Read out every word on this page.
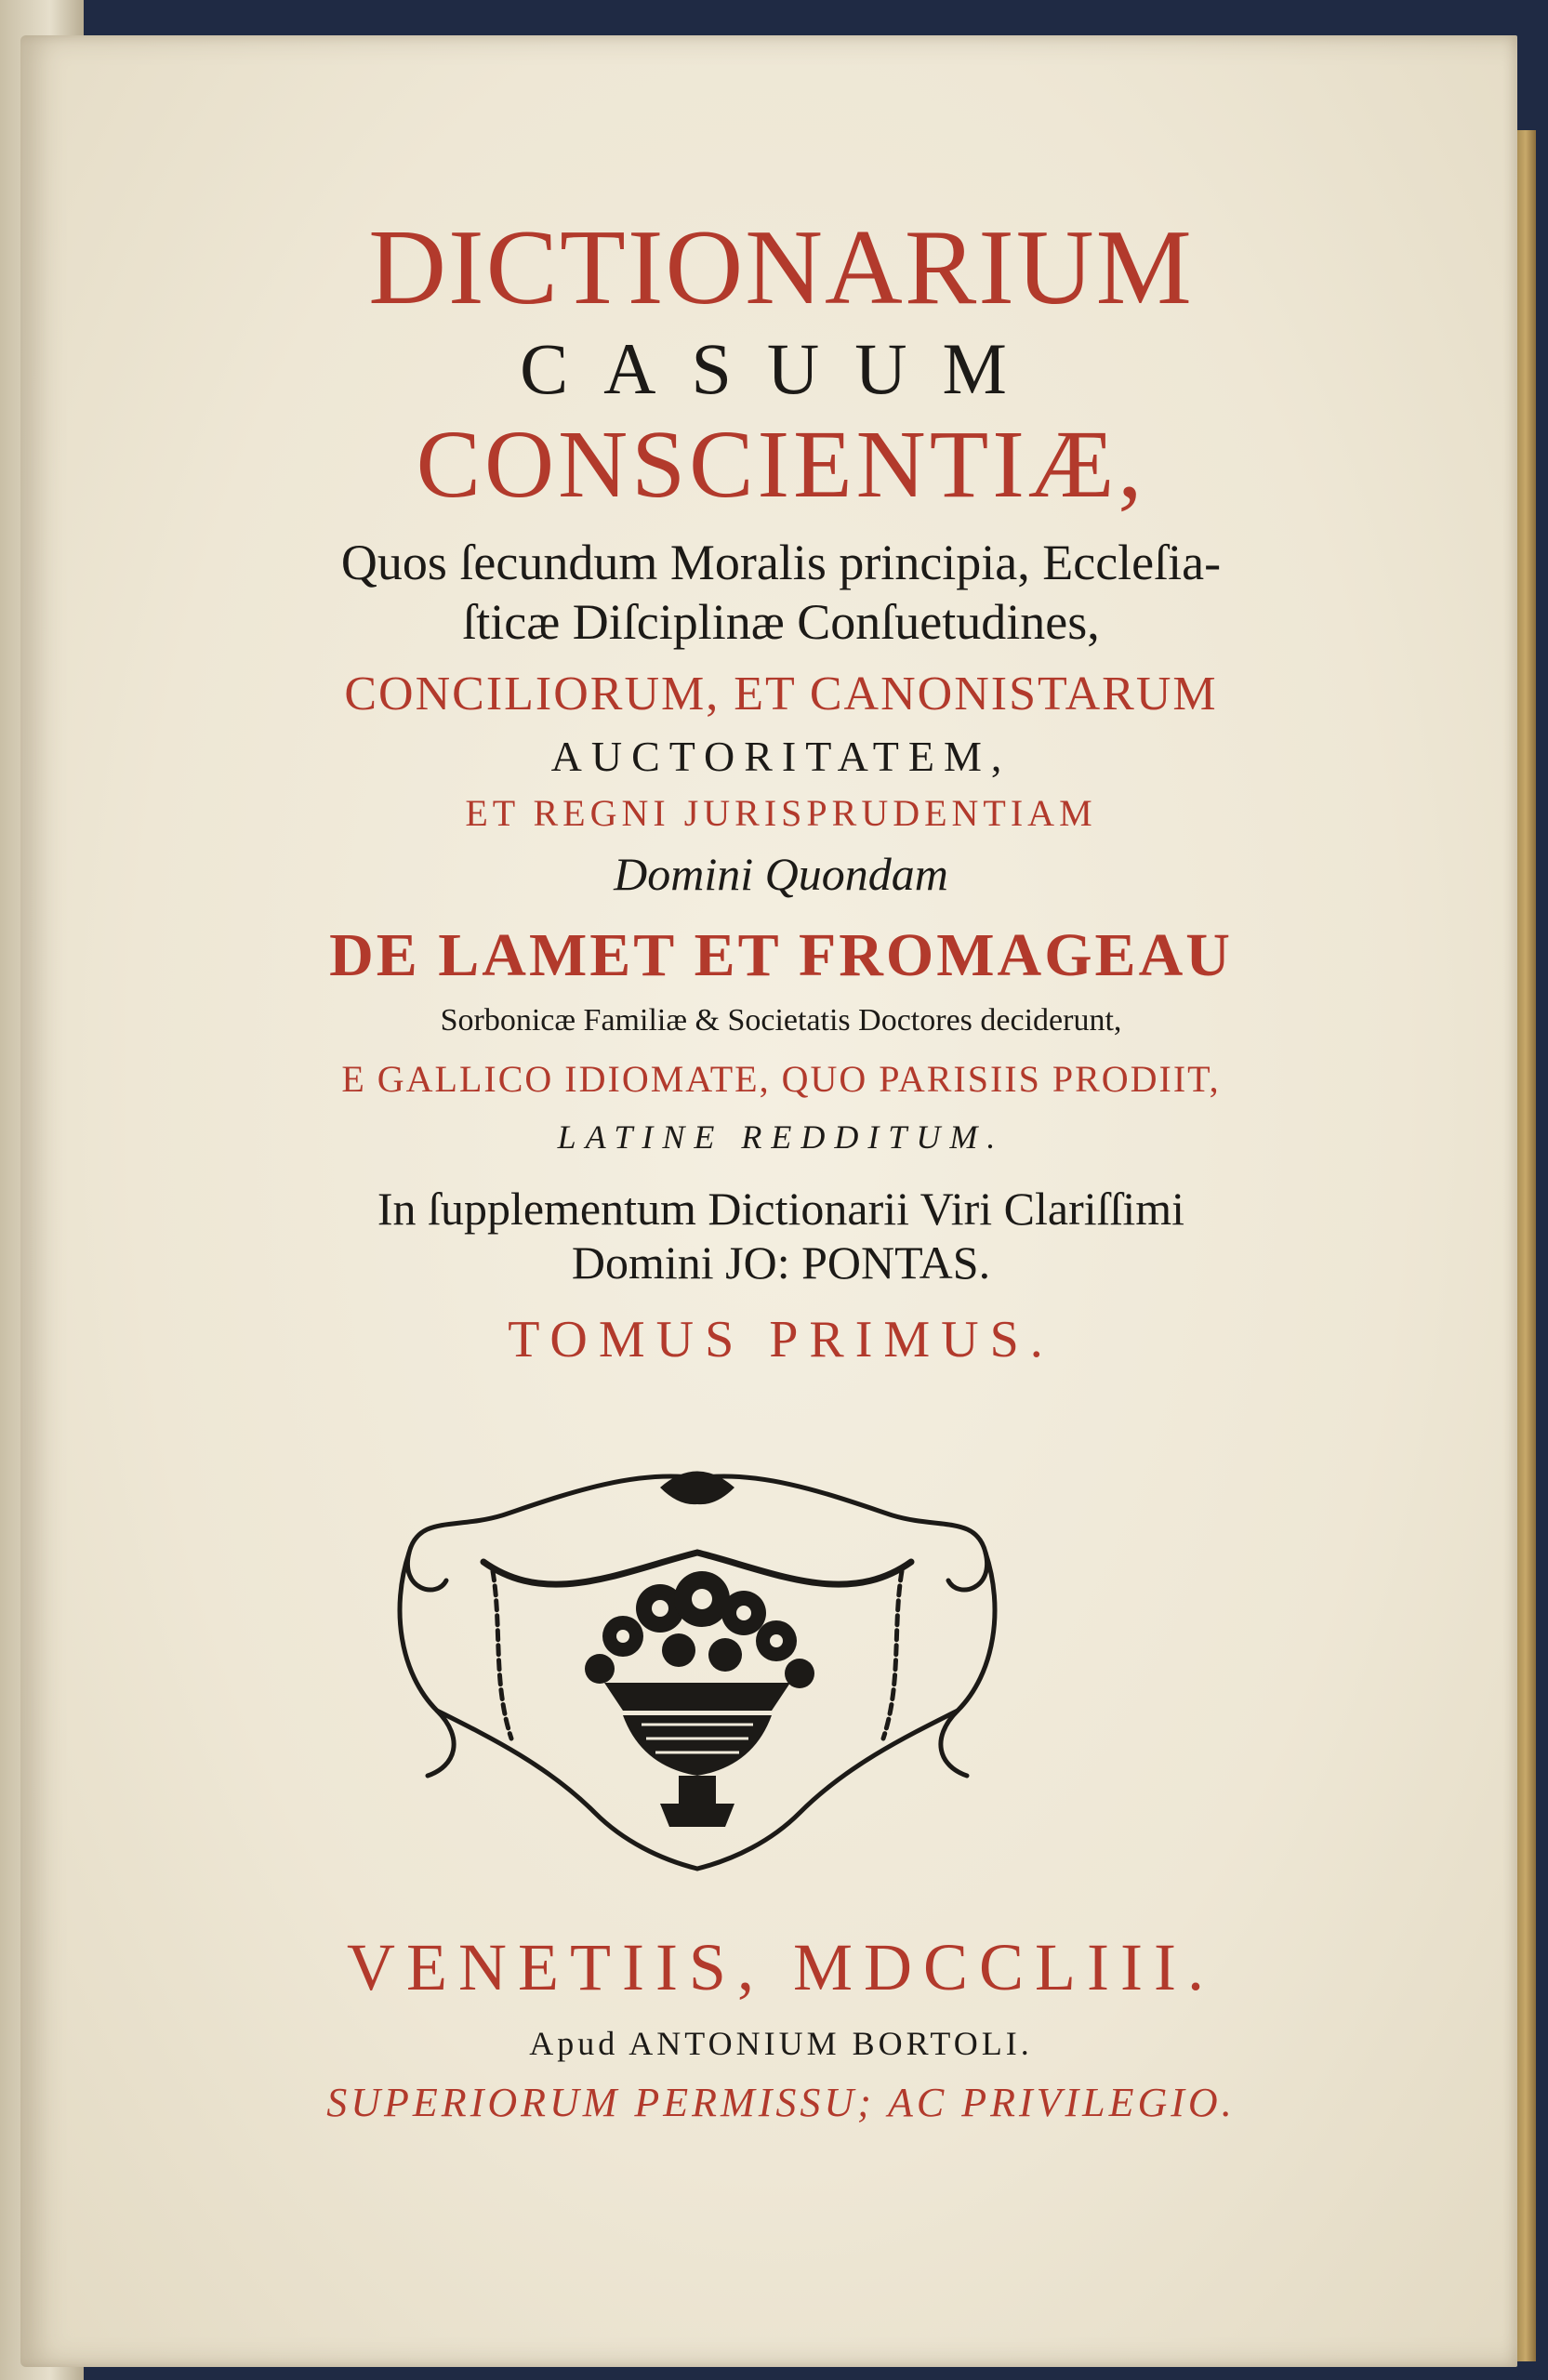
DICTIONARIUM

CASUUM

CONSCIENTIÆ,

Quos ſecundum Moralis principia, Eccleſia-

ſticæ Diſciplinæ Conſuetudines,

CONCILIORUM, ET CANONISTARUM

AUCTORITATEM,

ET REGNI JURISPRUDENTIAM

Domini Quondam

DE LAMET ET FROMAGEAU

Sorbonicæ Familiæ & Societatis Doctores deciderunt,

E GALLICO IDIOMATE, QUO PARISIIS PRODIIT,

LATINE REDDITUM.

In ſupplementum Dictionarii Viri Clariſſimi

Domini JO: PONTAS.

TOMUS PRIMUS.

VENETIIS, MDCCLIII.

Apud ANTONIUM BORTOLI.

SUPERIORUM PERMISSU; AC PRIVILEGIO.
